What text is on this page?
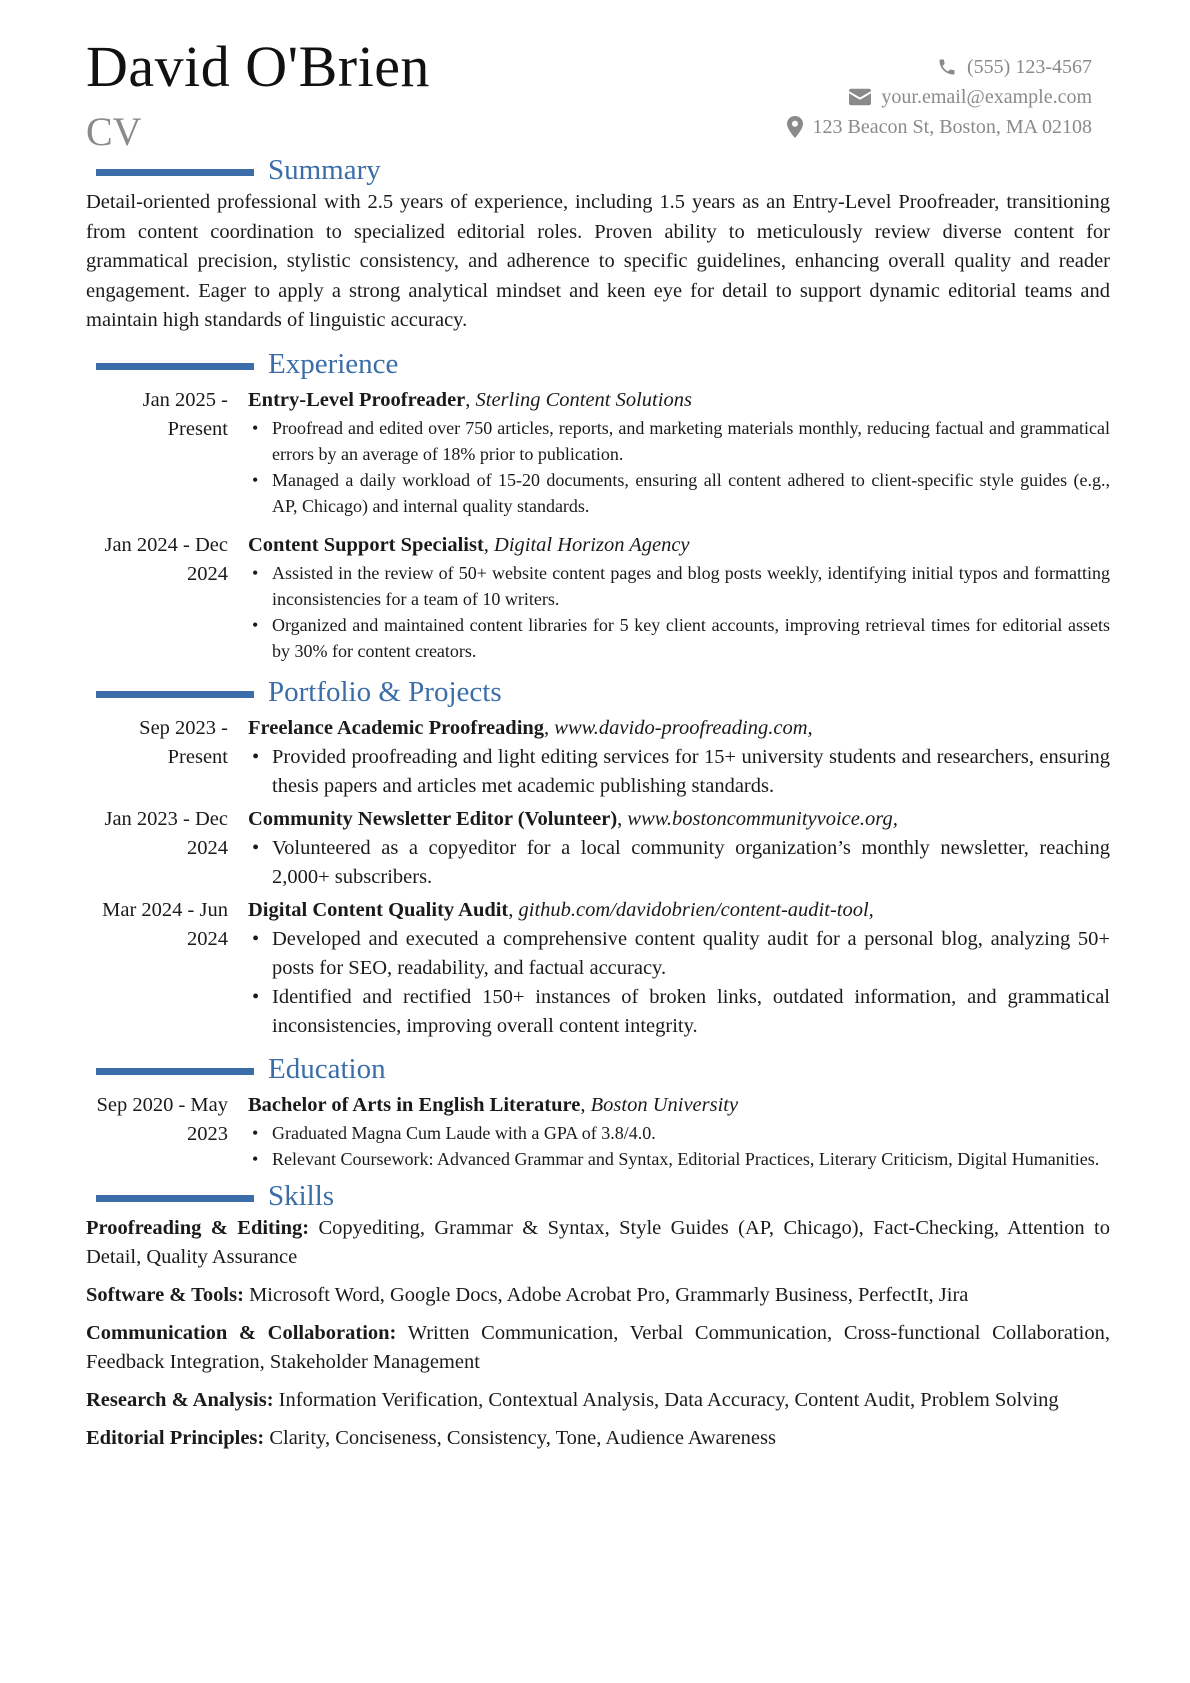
David O'Brien
CV
(555) 123-4567
your.email@example.com
123 Beacon St, Boston, MA 02108
Summary

Detail-oriented professional with 2.5 years of experience, including 1.5 years as an Entry-Level Proofreader, transitioning from content coordination to specialized editorial roles. Proven ability to meticulously review diverse content for grammatical precision, stylistic consistency, and adherence to specific guidelines, enhancing overall quality and reader engagement. Eager to apply a strong analytical mindset and keen eye for detail to support dynamic editorial teams and maintain high standards of linguistic accuracy.

Experience
Jan 2025 - Present
Entry-Level Proofreader, Sterling Content Solutions
• Proofread and edited over 750 articles, reports, and marketing materials monthly, reducing factual and grammatical errors by an average of 18% prior to publication.
• Managed a daily workload of 15-20 documents, ensuring all content adhered to client-specific style guides (e.g., AP, Chicago) and internal quality standards.
Jan 2024 - Dec 2024
Content Support Specialist, Digital Horizon Agency
• Assisted in the review of 50+ website content pages and blog posts weekly, identifying initial typos and formatting inconsistencies for a team of 10 writers.
• Organized and maintained content libraries for 5 key client accounts, improving retrieval times for editorial assets by 30% for content creators.
Portfolio & Projects
Sep 2023 - Present
Freelance Academic Proofreading, www.davido-proofreading.com,
• Provided proofreading and light editing services for 15+ university students and researchers, ensuring thesis papers and articles met academic publishing standards.
Jan 2023 - Dec 2024
Community Newsletter Editor (Volunteer), www.bostoncommunityvoice.org,
• Volunteered as a copyeditor for a local community organization’s monthly newsletter, reaching 2,000+ subscribers.
Mar 2024 - Jun 2024
Digital Content Quality Audit, github.com/davidobrien/content-audit-tool,
• Developed and executed a comprehensive content quality audit for a personal blog, analyzing 50+ posts for SEO, readability, and factual accuracy.
• Identified and rectified 150+ instances of broken links, outdated information, and grammatical inconsistencies, improving overall content integrity.
Education
Sep 2020 - May 2023
Bachelor of Arts in English Literature, Boston University
• Graduated Magna Cum Laude with a GPA of 3.8/4.0.
• Relevant Coursework: Advanced Grammar and Syntax, Editorial Practices, Literary Criticism, Digital Humanities.
Skills

Proofreading & Editing: Copyediting, Grammar & Syntax, Style Guides (AP, Chicago), Fact-Checking, Attention to Detail, Quality Assurance

Software & Tools: Microsoft Word, Google Docs, Adobe Acrobat Pro, Grammarly Business, PerfectIt, Jira

Communication & Collaboration: Written Communication, Verbal Communication, Cross-functional Collaboration, Feedback Integration, Stakeholder Management

Research & Analysis: Information Verification, Contextual Analysis, Data Accuracy, Content Audit, Problem Solving

Editorial Principles: Clarity, Conciseness, Consistency, Tone, Audience Awareness
